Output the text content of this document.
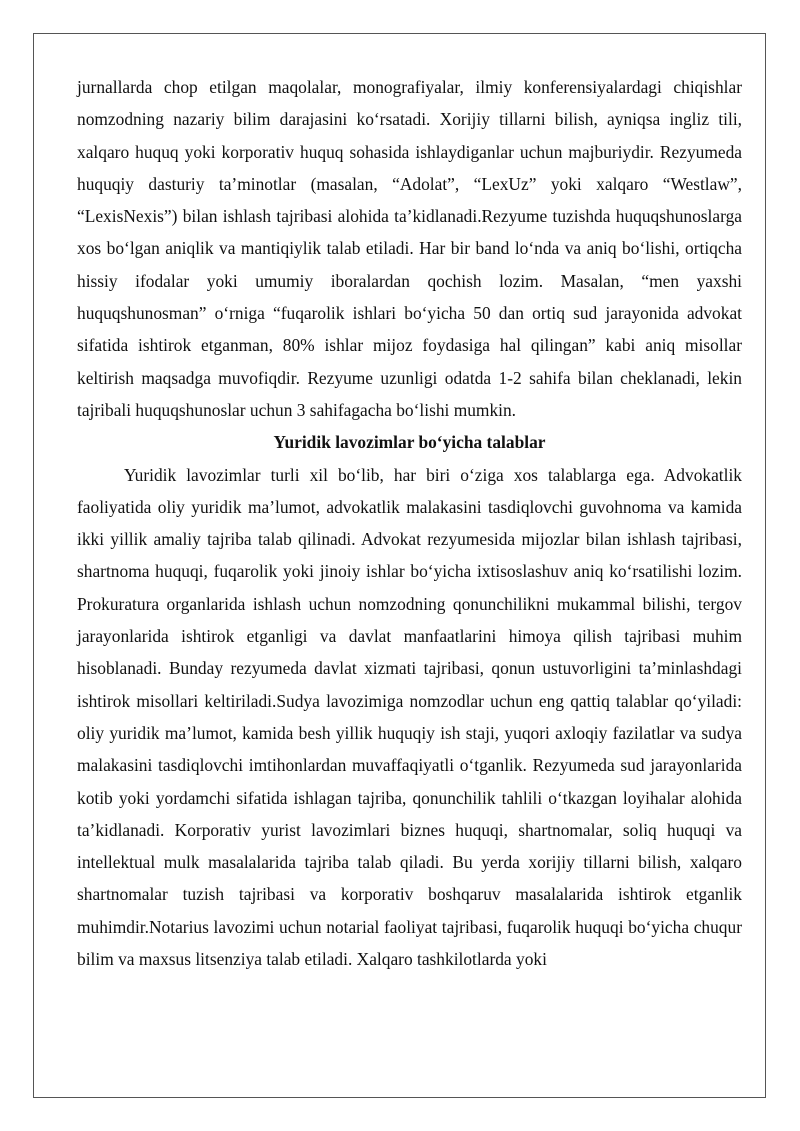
jurnallarda chop etilgan maqolalar, monografiyalar, ilmiy konferensiyalardagi chiqishlar nomzodning nazariy bilim darajasini ko‘rsatadi. Xorijiy tillarni bilish, ayniqsa ingliz tili, xalqaro huquq yoki korporativ huquq sohasida ishlaydiganlar uchun majburiydir. Rezyumeda huquqiy dasturiy ta’minotlar (masalan, “Adolat”, “LexUz” yoki xalqaro “Westlaw”, “LexisNexis”) bilan ishlash tajribasi alohida ta’kidlanadi.Rezyume tuzishda huquqshunoslarga xos bo‘lgan aniqlik va mantiqiylik talab etiladi. Har bir band lo‘nda va aniq bo‘lishi, ortiqcha hissiy ifodalar yoki umumiy iboralardan qochish lozim. Masalan, “men yaxshi huquqshunosman” o‘rniga “fuqarolik ishlari bo‘yicha 50 dan ortiq sud jarayonida advokat sifatida ishtirok etganman, 80% ishlar mijoz foydasiga hal qilingan” kabi aniq misollar keltirish maqsadga muvofiqdir. Rezyume uzunligi odatda 1-2 sahifa bilan cheklanadi, lekin tajribali huquqshunoslar uchun 3 sahifagacha bo‘lishi mumkin.

Yuridik lavozimlar bo‘yicha talablar

Yuridik lavozimlar turli xil bo‘lib, har biri o‘ziga xos talablarga ega. Advokatlik faoliyatida oliy yuridik ma’lumot, advokatlik malakasini tasdiqlovchi guvohnoma va kamida ikki yillik amaliy tajriba talab qilinadi. Advokat rezyumesida mijozlar bilan ishlash tajribasi, shartnoma huquqi, fuqarolik yoki jinoiy ishlar bo‘yicha ixtisoslashuv aniq ko‘rsatilishi lozim. Prokuratura organlarida ishlash uchun nomzodning qonunchilikni mukammal bilishi, tergov jarayonlarida ishtirok etganligi va davlat manfaatlarini himoya qilish tajribasi muhim hisoblanadi. Bunday rezyumeda davlat xizmati tajribasi, qonun ustuvorligini ta’minlashdagi ishtirok misollari keltiriladi.Sudya lavozimiga nomzodlar uchun eng qattiq talablar qo‘yiladi: oliy yuridik ma’lumot, kamida besh yillik huquqiy ish staji, yuqori axloqiy fazilatlar va sudya malakasini tasdiqlovchi imtihonlardan muvaffaqiyatli o‘tganlik. Rezyumeda sud jarayonlarida kotib yoki yordamchi sifatida ishlagan tajriba, qonunchilik tahlili o‘tkazgan loyihalar alohida ta’kidlanadi. Korporativ yurist lavozimlari biznes huquqi, shartnomalar, soliq huquqi va intellektual mulk masalalarida tajriba talab qiladi. Bu yerda xorijiy tillarni bilish, xalqaro shartnomalar tuzish tajribasi va korporativ boshqaruv masalalarida ishtirok etganlik muhimdir.Notarius lavozimi uchun notarial faoliyat tajribasi, fuqarolik huquqi bo‘yicha chuqur bilim va maxsus litsenziya talab etiladi. Xalqaro tashkilotlarda yoki
